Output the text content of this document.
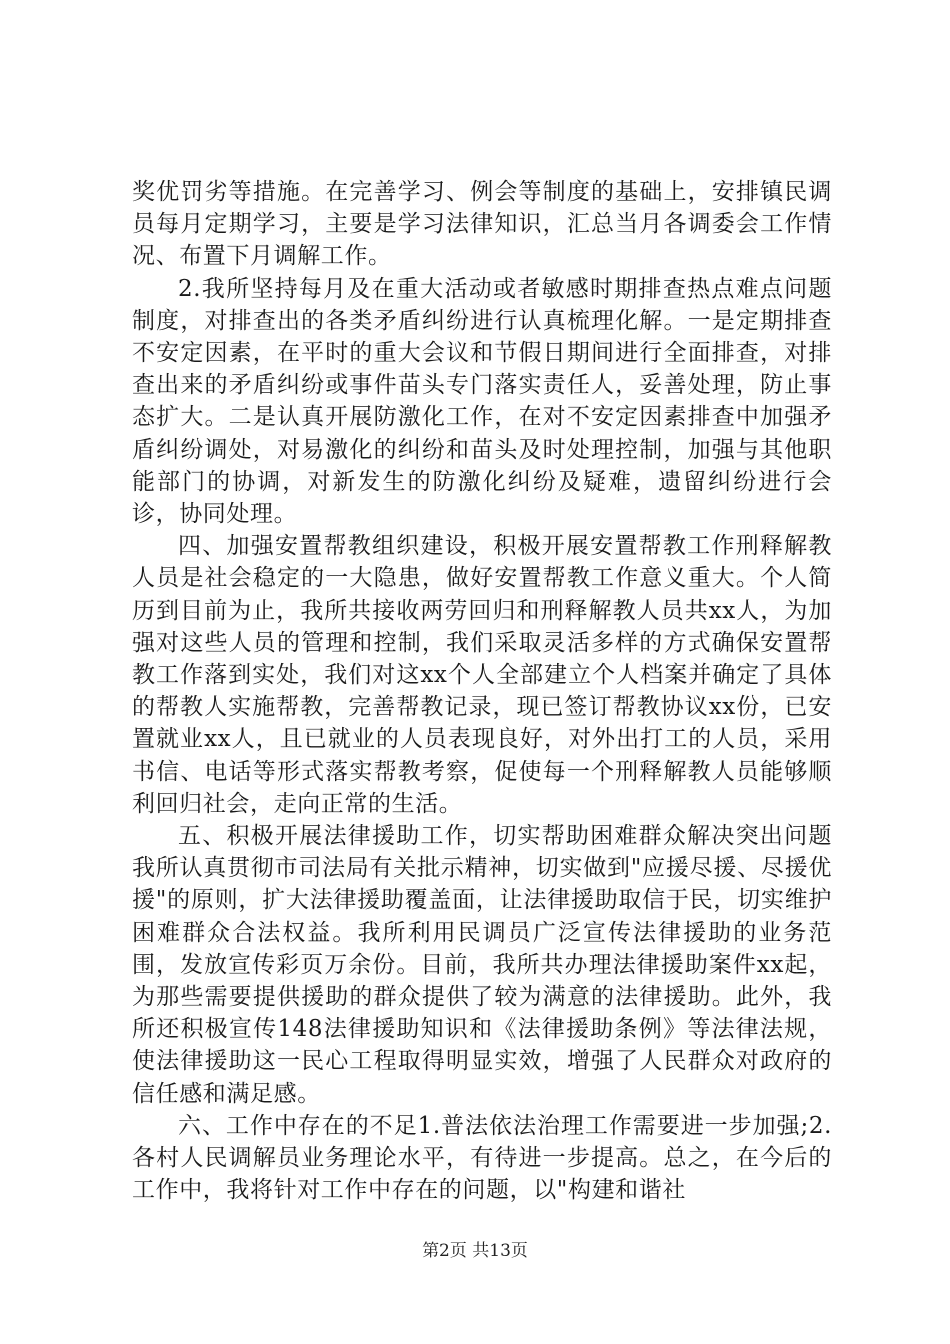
奖优罚劣等措施。在完善学习、例会等制度的基础上，安排镇民调员每月定期学习，主要是学习法律知识，汇总当月各调委会工作情况、布置下月调解工作。

2.我所坚持每月及在重大活动或者敏感时期排查热点难点问题制度，对排查出的各类矛盾纠纷进行认真梳理化解。一是定期排查不安定因素，在平时的重大会议和节假日期间进行全面排查，对排查出来的矛盾纠纷或事件苗头专门落实责任人，妥善处理，防止事态扩大。二是认真开展防激化工作，在对不安定因素排查中加强矛盾纠纷调处，对易激化的纠纷和苗头及时处理控制，加强与其他职能部门的协调，对新发生的防激化纠纷及疑难，遗留纠纷进行会诊，协同处理。

四、加强安置帮教组织建设，积极开展安置帮教工作刑释解教人员是社会稳定的一大隐患，做好安置帮教工作意义重大。个人简历到目前为止，我所共接收两劳回归和刑释解教人员共xx人，为加强对这些人员的管理和控制，我们采取灵活多样的方式确保安置帮教工作落到实处，我们对这xx个人全部建立个人档案并确定了具体的帮教人实施帮教，完善帮教记录，现已签订帮教协议xx份，已安置就业xx人，且已就业的人员表现良好，对外出打工的人员，采用书信、电话等形式落实帮教考察，促使每一个刑释解教人员能够顺利回归社会，走向正常的生活。

五、积极开展法律援助工作，切实帮助困难群众解决突出问题我所认真贯彻市司法局有关批示精神，切实做到"应援尽援、尽援优援"的原则，扩大法律援助覆盖面，让法律援助取信于民，切实维护困难群众合法权益。我所利用民调员广泛宣传法律援助的业务范围，发放宣传彩页万余份。目前，我所共办理法律援助案件xx起，为那些需要提供援助的群众提供了较为满意的法律援助。此外，我所还积极宣传148法律援助知识和《法律援助条例》等法律法规，使法律援助这一民心工程取得明显实效，增强了人民群众对政府的信任感和满足感。

六、工作中存在的不足1.普法依法治理工作需要进一步加强;2.各村人民调解员业务理论水平，有待进一步提高。总之，在今后的工作中，我将针对工作中存在的问题，以"构建和谐社

第2页 共13页
